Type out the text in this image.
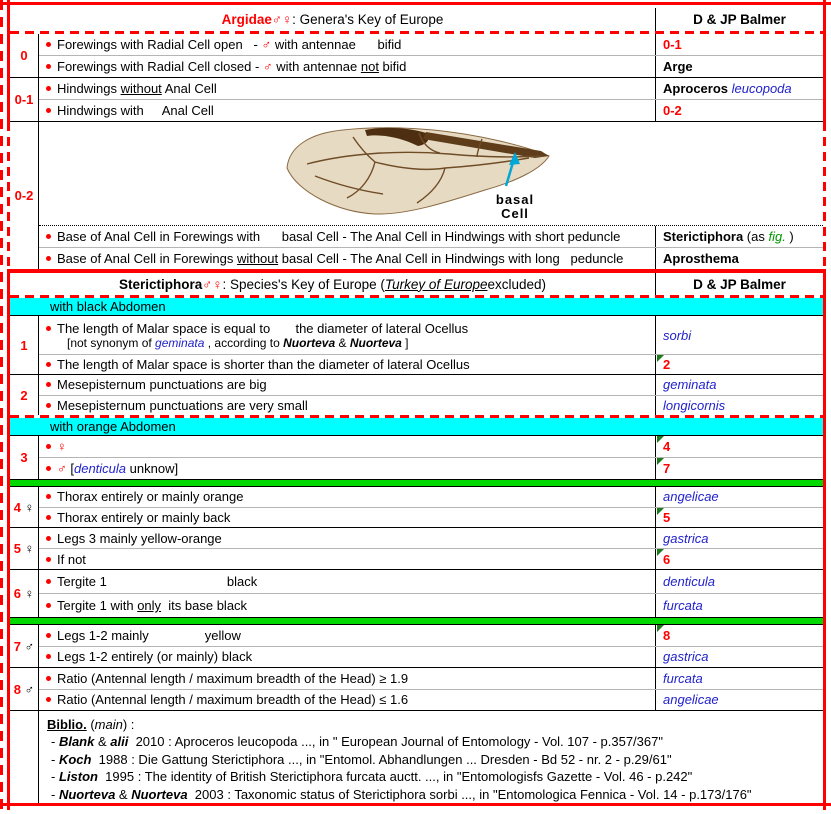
Argidae ♂♀ : Genera's Key of Europe	D & JP Balmer
0
Forewings with Radial Cell open   - ♂ with antennae      bifid	0-1
Forewings with Radial Cell closed - ♂ with antennae not bifid	Arge
0-1
Hindwings without Anal Cell	Aproceros leucopoda
Hindwings with     Anal Cell	0-2
0-2	basal
Cell
Base of Anal Cell in Forewings with      basal Cell - The Anal Cell in Hindwings with short peduncle	Sterictiphora (as fig. )
Base of Anal Cell in Forewings without basal Cell - The Anal Cell in Hindwings with long   peduncle	Aprosthema
Sterictiphora ♂♀ : Species's Key of Europe ( Turkey of Europe excluded)	D & JP Balmer
with black Abdomen
1
The length of Malar space is equal to       the diameter of lateral Ocellus
[not synonym of geminata , according to Nuorteva & Nuorteva ]	sorbi
The length of Malar space is shorter than the diameter of lateral Ocellus	2
2
Mesepisternum punctuations are big	geminata
Mesepisternum punctuations are very small	longicornis
with orange Abdomen
3
♀	4
♂ [denticula unknow]	7
4 ♀
Thorax entirely or mainly orange	angelicae
Thorax entirely or mainly back	5
5 ♀
Legs 3 mainly yellow-orange	gastrica
If not	6
6 ♀
Tergite 1	black	denticula
Tergite 1 with only  its base black	furcata
7 ♂
Legs 1-2 mainly	yellow	8
Legs 1-2 entirely (or mainly) black	gastrica
8 ♂
Ratio (Antennal length / maximum breadth of the Head) ≥ 1.9	furcata
Ratio (Antennal length / maximum breadth of the Head) ≤ 1.6	angelicae
Biblio. (main) :
- Blank & alii  2010 : Aproceros leucopoda ..., in " European Journal of Entomology - Vol. 107 - p.357/367"
- Koch  1988 : Die Gattung Sterictiphora ..., in "Entomol. Abhandlungen ... Dresden - Bd 52 - nr. 2 - p.29/61"
- Liston  1995 : The identity of British Sterictiphora furcata auctt. ..., in "Entomologisfs Gazette - Vol. 46 - p.242"
- Nuorteva & Nuorteva  2003 : Taxonomic status of Sterictiphora sorbi ..., in "Entomologica Fennica - Vol. 14 - p.173/176"
